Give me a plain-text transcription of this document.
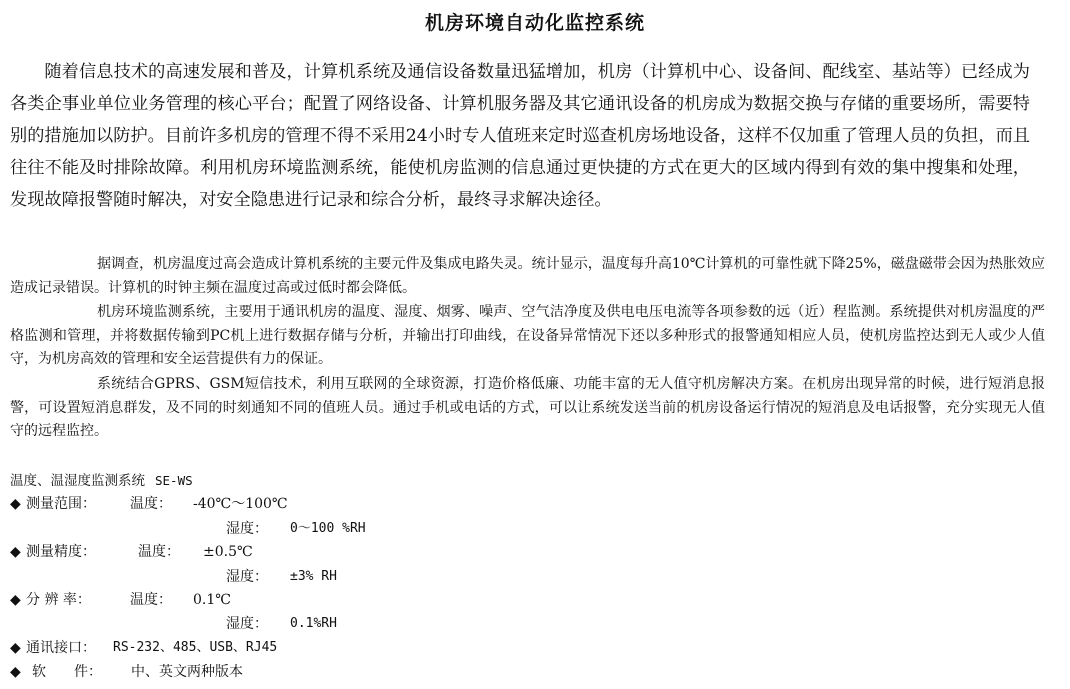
机房环境自动化监控系统

随着信息技术的高速发展和普及，计算机系统及通信设备数量迅猛增加，机房（计算机中心、设备间、配线室、基站等）已经成为各类企事业单位业务管理的核心平台；配置了网络设备、计算机服务器及其它通讯设备的机房成为数据交换与存储的重要场所，需要特别的措施加以防护。目前许多机房的管理不得不采用24小时专人值班来定时巡查机房场地设备，这样不仅加重了管理人员的负担，而且往往不能及时排除故障。利用机房环境监测系统，能使机房监测的信息通过更快捷的方式在更大的区域内得到有效的集中搜集和处理，发现故障报警随时解决，对安全隐患进行记录和综合分析，最终寻求解决途径。

据调查，机房温度过高会造成计算机系统的主要元件及集成电路失灵。统计显示，温度每升高10℃计算机的可靠性就下降25%，磁盘磁带会因为热胀效应造成记录错误。计算机的时钟主频在温度过高或过低时都会降低。

机房环境监测系统，主要用于通讯机房的温度、湿度、烟雾、噪声、空气洁净度及供电电压电流等各项参数的远（近）程监测。系统提供对机房温度的严格监测和管理，并将数据传输到PC机上进行数据存储与分析，并输出打印曲线，在设备异常情况下还以多种形式的报警通知相应人员，使机房监控达到无人或少人值守，为机房高效的管理和安全运营提供有力的保证。

系统结合GPRS、GSM短信技术，利用互联网的全球资源，打造价格低廉、功能丰富的无人值守机房解决方案。在机房出现异常的时候，进行短消息报警，可设置短消息群发，及不同的时刻通知不同的值班人员。通过手机或电话的方式，可以让系统发送当前的机房设备运行情况的短消息及电话报警，充分实现无人值守的远程监控。

温度、温湿度监测系统 SE-WS
◆ 测量范围： 温度： -40℃～100℃
湿度： 0～100 %RH
◆ 测量精度：	温度： ±0.5℃
湿度： ±3% RH
◆ 分 辨 率：	温度： 0.1℃
湿度： 0.1%RH
◆ 通讯接口： RS-232、485、USB、RJ45
◆ 软　　件： 中、英文两种版本
